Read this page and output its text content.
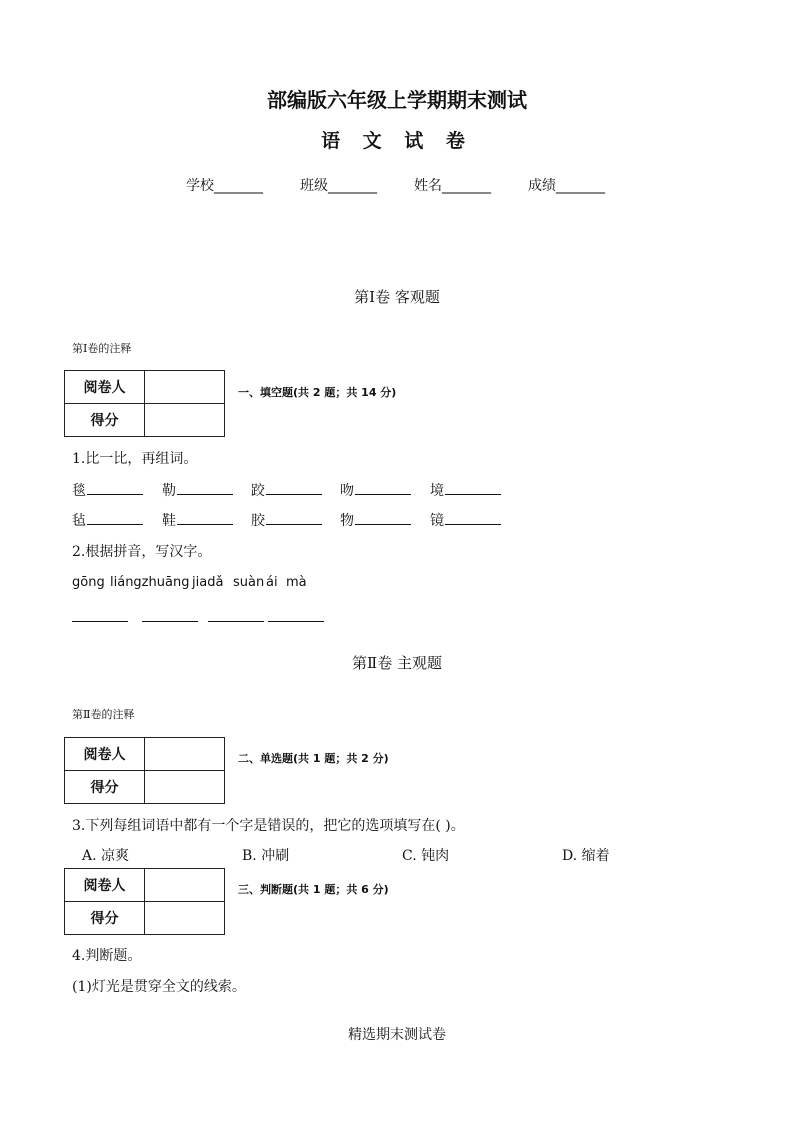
部编版六年级上学期期末测试
语 文 试 卷
学校_______	班级_______	姓名_______	成绩_______
第Ⅰ卷 客观题
第Ⅰ卷的注释
阅卷人	
得分	
一、填空题(共 2 题；共 14 分)
1.比一比，再组词。
毯	勒	跤	吻	境
毡	鞋	胶	物	镜
2.根据拼音，写汉字。
gōng liángzhuāng jiadǎ suàn ái mà
第Ⅱ卷 主观题
第Ⅱ卷的注释
阅卷人	
得分	
二、单选题(共 1 题；共 2 分)
3.下列每组词语中都有一个字是错误的，把它的选项填写在( )。
A. 凉爽	B. 冲刷	C. 钝肉	D. 缩着
阅卷人	
得分	
三、判断题(共 1 题；共 6 分)
4.判断题。
(1)灯光是贯穿全文的线索。
精选期末测试卷
